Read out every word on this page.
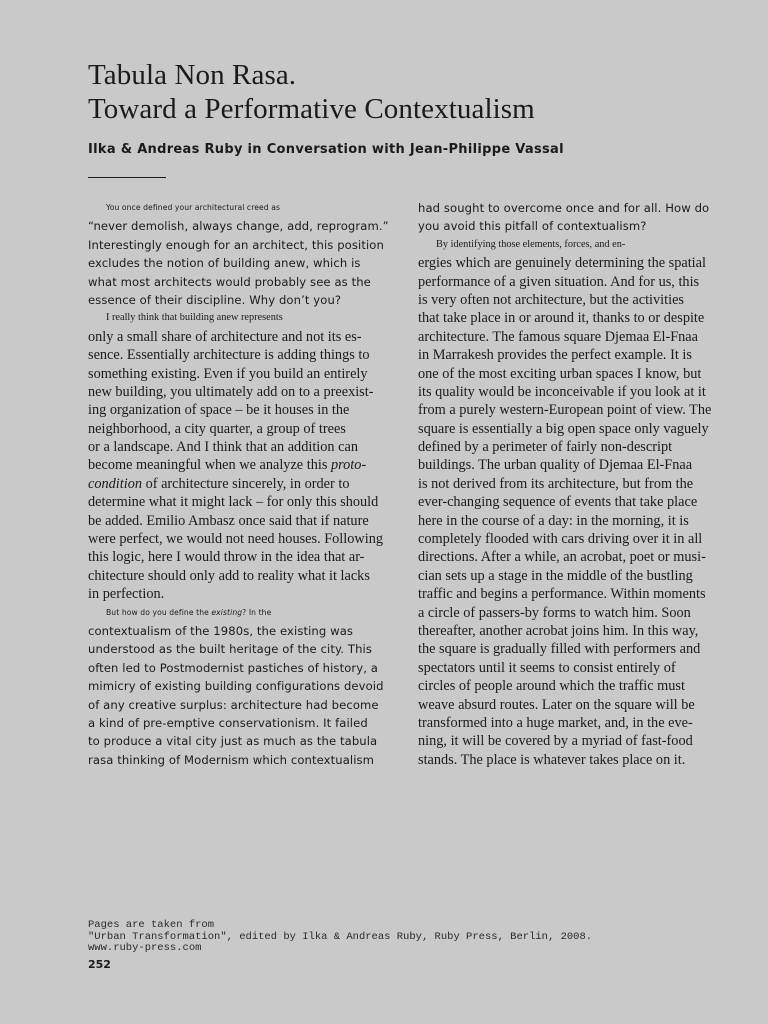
Tabula Non Rasa.
Toward a Performative Contextualism

Ilka & Andreas Ruby in Conversation with Jean-Philippe Vassal

You once defined your architectural creed as
“never demolish, always change, add, reprogram.”
Interestingly enough for an architect, this position
excludes the notion of building anew, which is
what most architects would probably see as the
essence of their discipline. Why don’t you?
I really think that building anew represents
only a small share of architecture and not its es-
sence. Essentially architecture is adding things to
something existing. Even if you build an entirely
new building, you ultimately add on to a preexist-
ing organization of space – be it houses in the
neighborhood, a city quarter, a group of trees
or a landscape. And I think that an addition can
become meaningful when we analyze this proto-
condition of architecture sincerely, in order to
determine what it might lack – for only this should
be added. Emilio Ambasz once said that if nature
were perfect, we would not need houses. Following
this logic, here I would throw in the idea that ar-
chitecture should only add to reality what it lacks
in perfection.
But how do you define the existing? In the
contextualism of the 1980s, the existing was
understood as the built heritage of the city. This
often led to Postmodernist pastiches of history, a
mimicry of existing building configurations devoid
of any creative surplus: architecture had become
a kind of pre-emptive conservationism. It failed
to produce a vital city just as much as the tabula
rasa thinking of Modernism which contextualism
had sought to overcome once and for all. How do
you avoid this pitfall of contextualism?
By identifying those elements, forces, and en-
ergies which are genuinely determining the spatial
performance of a given situation. And for us, this
is very often not architecture, but the activities
that take place in or around it, thanks to or despite
architecture. The famous square Djemaa El-Fnaa
in Marrakesh provides the perfect example. It is
one of the most exciting urban spaces I know, but
its quality would be inconceivable if you look at it
from a purely western-European point of view. The
square is essentially a big open space only vaguely
defined by a perimeter of fairly non-descript
buildings. The urban quality of Djemaa El-Fnaa
is not derived from its architecture, but from the
ever-changing sequence of events that take place
here in the course of a day: in the morning, it is
completely flooded with cars driving over it in all
directions. After a while, an acrobat, poet or musi-
cian sets up a stage in the middle of the bustling
traffic and begins a performance. Within moments
a circle of passers-by forms to watch him. Soon
thereafter, another acrobat joins him. In this way,
the square is gradually filled with performers and
spectators until it seems to consist entirely of
circles of people around which the traffic must
weave absurd routes. Later on the square will be
transformed into a huge market, and, in the eve-
ning, it will be covered by a myriad of fast-food
stands. The place is whatever takes place on it.
Pages are taken from
"Urban Transformation", edited by Ilka & Andreas Ruby, Ruby Press, Berlin, 2008.
www.ruby-press.com
252
